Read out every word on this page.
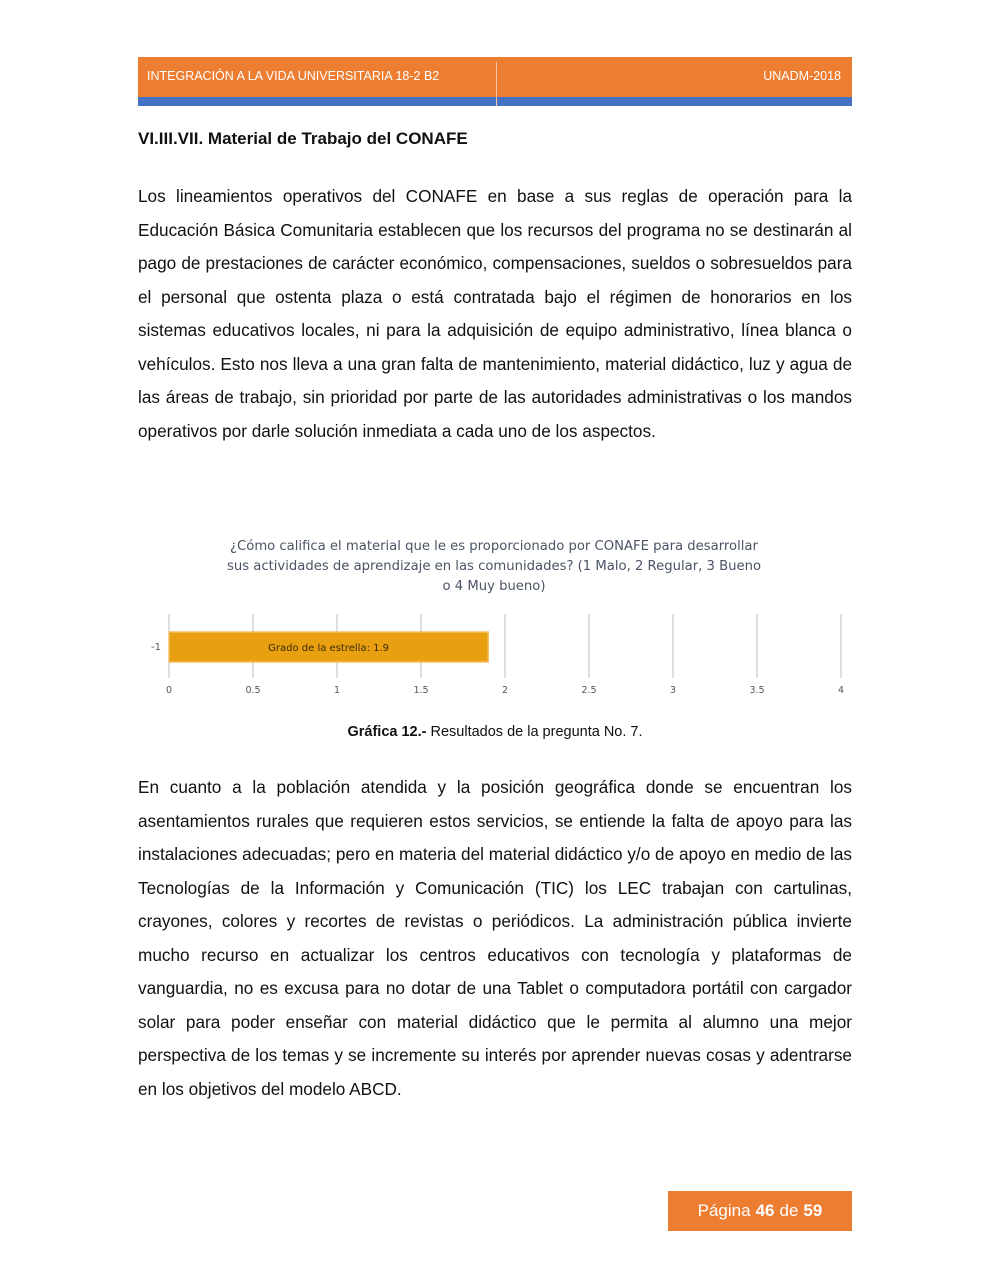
INTEGRACIÓN A LA VIDA UNIVERSITARIA 18-2 B2	UNADM-2018
VI.III.VII. Material de Trabajo del CONAFE

Los lineamientos operativos del CONAFE en base a sus reglas de operación para la Educación Básica Comunitaria establecen que los recursos del programa no se destinarán al pago de prestaciones de carácter económico, compensaciones, sueldos o sobresueldos para el personal que ostenta plaza o está contratada bajo el régimen de honorarios en los sistemas educativos locales, ni para la adquisición de equipo administrativo, línea blanca o vehículos. Esto nos lleva a una gran falta de mantenimiento, material didáctico, luz y agua de las áreas de trabajo, sin prioridad por parte de las autoridades administrativas o los mandos operativos por darle solución inmediata a cada uno de los aspectos.

¿Cómo califica el material que le es proporcionado por CONAFE para desarrollar
sus actividades de aprendizaje en las comunidades? (1 Malo, 2 Regular, 3 Bueno
o 4 Muy bueno)
0	0.5	1	1.5	2	2.5	3	3.5	4
Grado de la estrella: 1.9
-1
Gráfica 12.- Resultados de la pregunta No. 7.

En cuanto a la población atendida y la posición geográfica donde se encuentran los asentamientos rurales que requieren estos servicios, se entiende la falta de apoyo para las instalaciones adecuadas; pero en materia del material didáctico y/o de apoyo en medio de las Tecnologías de la Información y Comunicación (TIC) los LEC trabajan con cartulinas, crayones, colores y recortes de revistas o periódicos. La administración pública invierte mucho recurso en actualizar los centros educativos con tecnología y plataformas de vanguardia, no es excusa para no dotar de una Tablet o computadora portátil con cargador solar para poder enseñar con material didáctico que le permita al alumno una mejor perspectiva de los temas y se incremente su interés por aprender nuevas cosas y adentrarse en los objetivos del modelo ABCD.

Página 46 de 59
